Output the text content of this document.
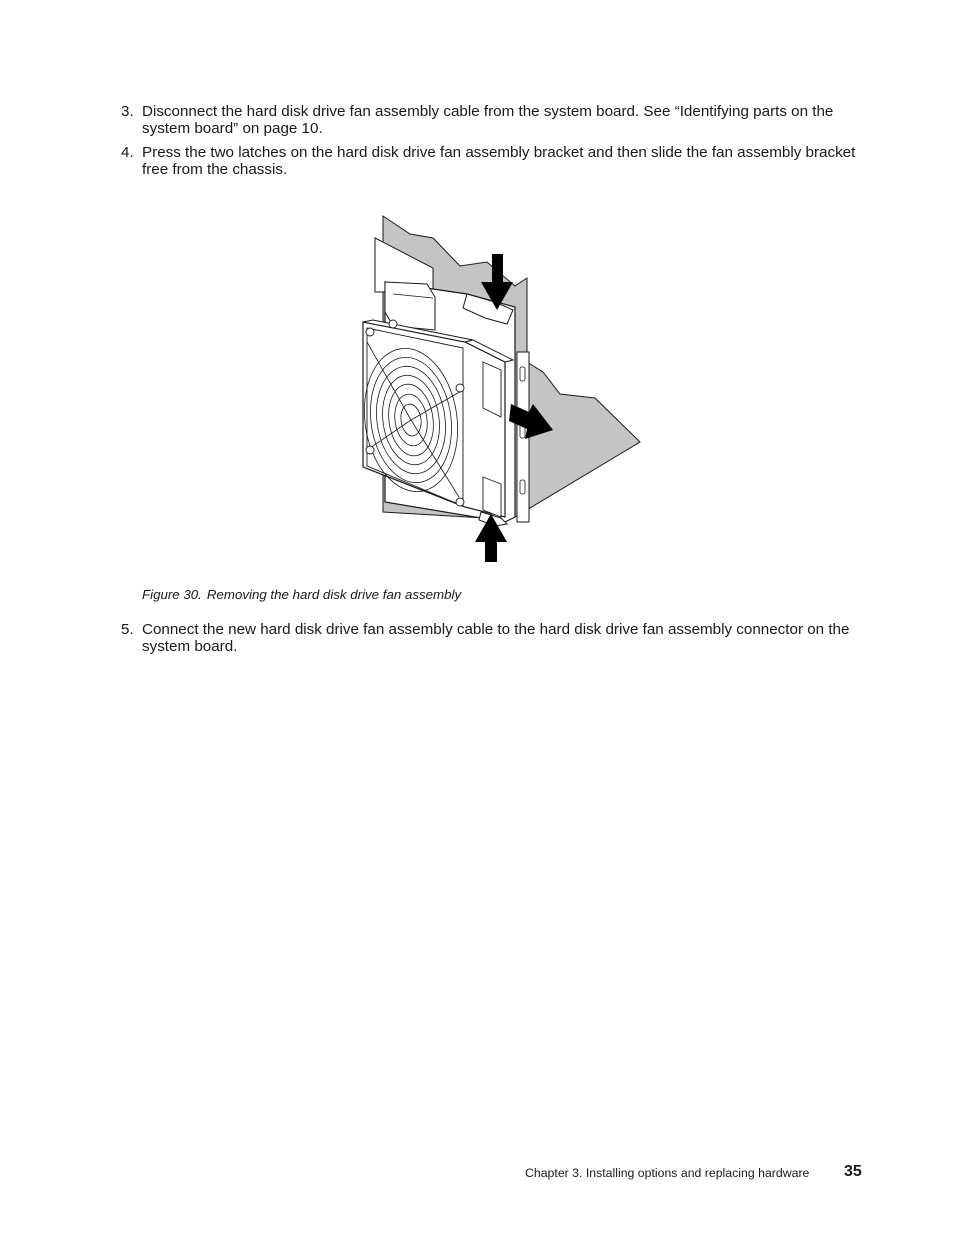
3. Disconnect the hard disk drive fan assembly cable from the system board. See “Identifying parts on the system board” on page 10.
4. Press the two latches on the hard disk drive fan assembly bracket and then slide the fan assembly bracket free from the chassis.
Figure 30. Removing the hard disk drive fan assembly
5. Connect the new hard disk drive fan assembly cable to the hard disk drive fan assembly connector on the system board.
Chapter 3. Installing options and replacing hardware 35
